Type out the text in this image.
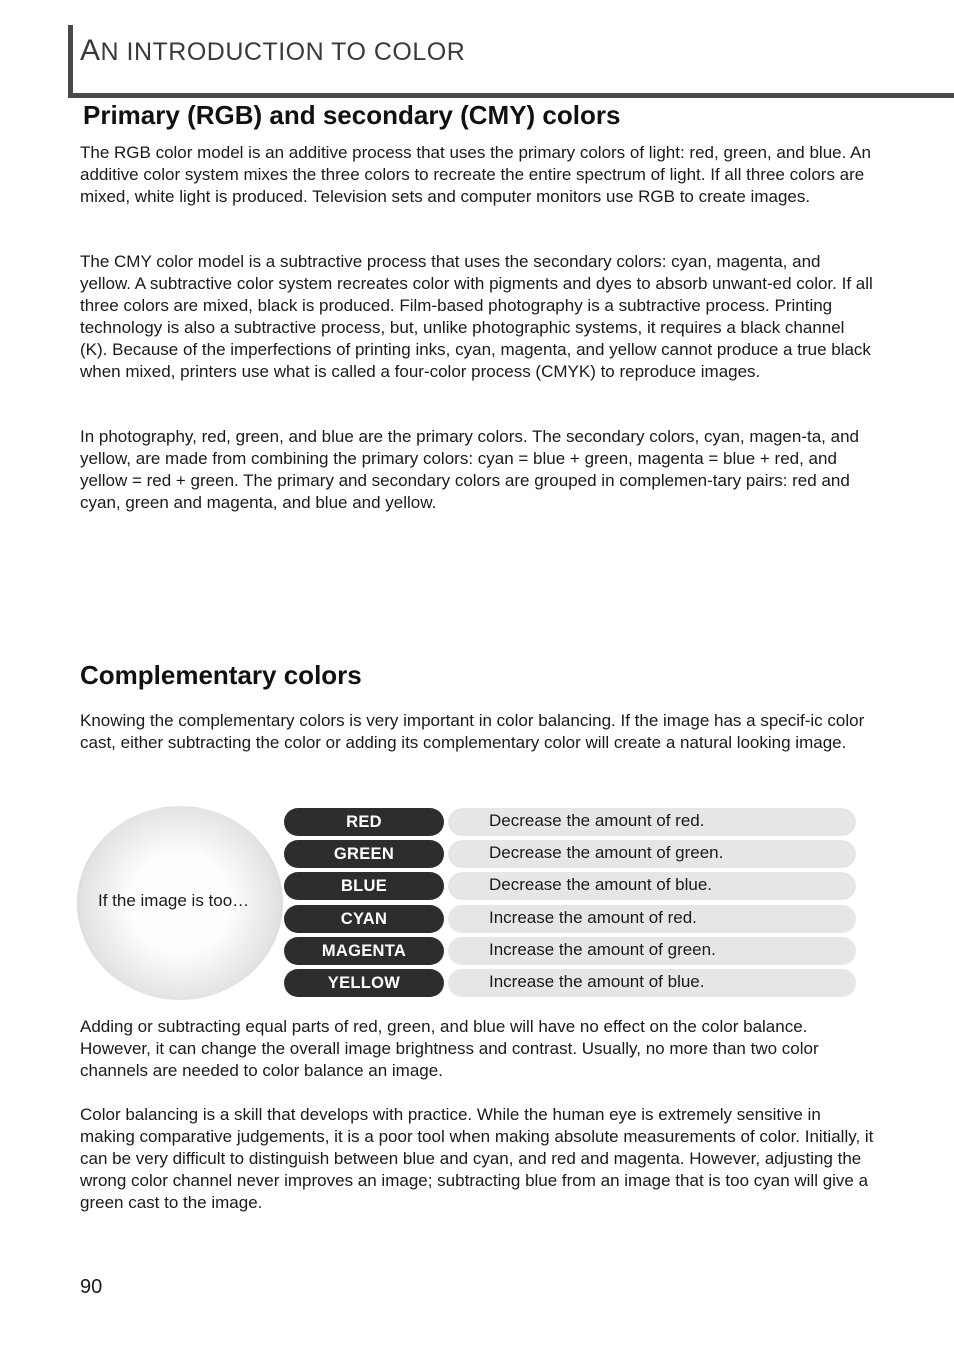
AN INTRODUCTION TO COLOR
Primary (RGB) and secondary (CMY) colors

The RGB color model is an additive process that uses the primary colors of light: red, green, and blue. An additive color system mixes the three colors to recreate the entire spectrum of light. If all three colors are mixed, white light is produced. Television sets and computer monitors use RGB to create images.

The CMY color model is a subtractive process that uses the secondary colors: cyan, magenta, and yellow. A subtractive color system recreates color with pigments and dyes to absorb unwant-ed color. If all three colors are mixed, black is produced. Film-based photography is a subtractive process. Printing technology is also a subtractive process, but, unlike photographic systems, it requires a black channel (K). Because of the imperfections of printing inks, cyan, magenta, and yellow cannot produce a true black when mixed, printers use what is called a four-color process (CMYK) to reproduce images.

In photography, red, green, and blue are the primary colors. The secondary colors, cyan, magen-ta, and yellow, are made from combining the primary colors: cyan = blue + green, magenta = blue + red, and yellow = red + green. The primary and secondary colors are grouped in complemen-tary pairs: red and cyan, green and magenta, and blue and yellow.

Complementary colors

Knowing the complementary colors is very important in color balancing. If the image has a specif-ic color cast, either subtracting the color or adding its complementary color will create a natural looking image.

If the image is too…
RED	Decrease the amount of red.
GREEN	Decrease the amount of green.
BLUE	Decrease the amount of blue.
CYAN	Increase the amount of red.
MAGENTA	Increase the amount of green.
YELLOW	Increase the amount of blue.

Adding or subtracting equal parts of red, green, and blue will have no effect on the color balance. However, it can change the overall image brightness and contrast. Usually, no more than two color channels are needed to color balance an image.

Color balancing is a skill that develops with practice. While the human eye is extremely sensitive in making comparative judgements, it is a poor tool when making absolute measurements of color. Initially, it can be very difficult to distinguish between blue and cyan, and red and magenta. However, adjusting the wrong color channel never improves an image; subtracting blue from an image that is too cyan will give a green cast to the image.

90
